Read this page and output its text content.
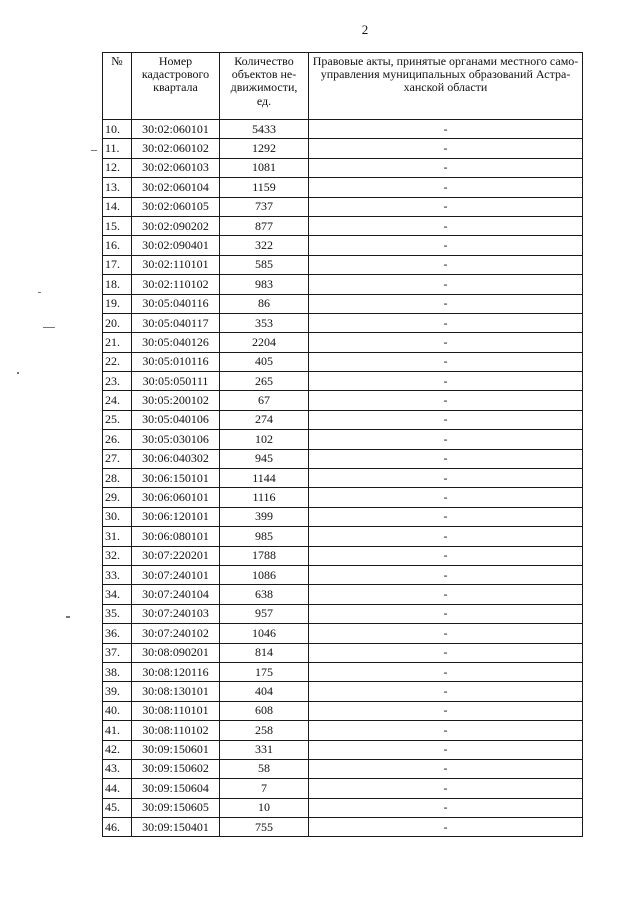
2
№	Номер кадастрового квартала	Количество объектов не-движимости, ед.	Правовые акты, принятые органами местного само-управления муниципальных образований Астра-ханской области
10.	30:02:060101	5433	-
11.	30:02:060102	1292	-
12.	30:02:060103	1081	-
13.	30:02:060104	1159	-
14.	30:02:060105	737	-
15.	30:02:090202	877	-
16.	30:02:090401	322	-
17.	30:02:110101	585	-
18.	30:02:110102	983	-
19.	30:05:040116	86	-
20.	30:05:040117	353	-
21.	30:05:040126	2204	-
22.	30:05:010116	405	-
23.	30:05:050111	265	-
24.	30:05:200102	67	-
25.	30:05:040106	274	-
26.	30:05:030106	102	-
27.	30:06:040302	945	-
28.	30:06:150101	1144	-
29.	30:06:060101	1116	-
30.	30:06:120101	399	-
31.	30:06:080101	985	-
32.	30:07:220201	1788	-
33.	30:07:240101	1086	-
34.	30:07:240104	638	-
35.	30:07:240103	957	-
36.	30:07:240102	1046	-
37.	30:08:090201	814	-
38.	30:08:120116	175	-
39.	30:08:130101	404	-
40.	30:08:110101	608	-
41.	30:08:110102	258	-
42.	30:09:150601	331	-
43.	30:09:150602	58	-
44.	30:09:150604	7	-
45.	30:09:150605	10	-
46.	30:09:150401	755	-
